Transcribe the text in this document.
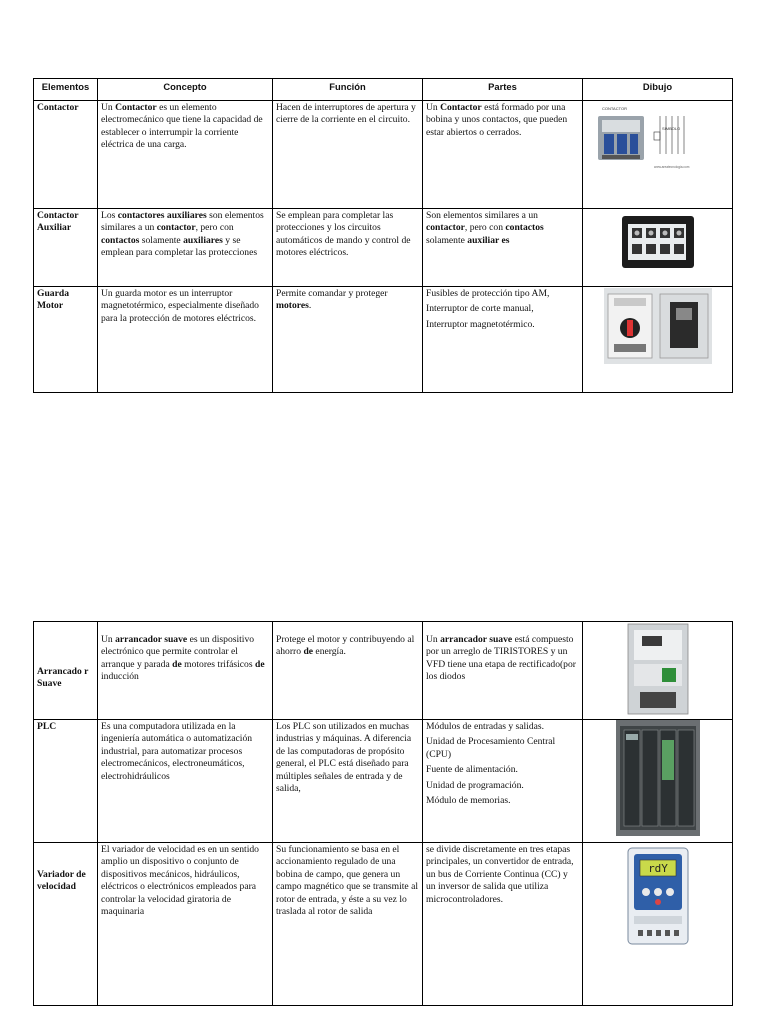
Elementos	Concepto	Función	Partes	Dibujo
Contactor	Un Contactor es un elemento electromecánico que tiene la capacidad de establecer o interrumpir la corriente eléctrica de una carga.	Hacen de interruptores de apertura y cierre de la corriente en el circuito.	Un Contactor está formado por una bobina y unos contactos, que pueden estar abiertos o cerrados.	CONTACTOR
SIMBOLO
www.areatecnologia.com

Contactor Auxiliar	Los contactores auxiliares son elementos similares a un contactor, pero con contactos solamente auxiliares y se emplean para completar las protecciones	Se emplean para completar las protecciones y los circuitos automáticos de mando y control de motores eléctricos.	Son elementos similares a un contactor, pero con contactos solamente auxiliar es	

Guarda Motor	Un guarda motor es un interruptor magnetotérmico, especialmente diseñado para la protección de motores eléctricos.	Permite comandar y proteger motores.	Fusibles de protección tipo AM,
Interruptor de corte manual,
Interruptor magnetotérmico.

Arrancado r Suave	Un arrancador suave es un dispositivo electrónico que permite controlar el arranque y parada de motores trifásicos de inducción	Protege el motor y contribuyendo al ahorro de energía.	Un arrancador suave está compuesto por un arreglo de TIRISTORES y un VFD tiene una etapa de rectificado(por los diodos	

PLC	Es una computadora utilizada en la ingeniería automática o automatización industrial, para automatizar procesos electromecánicos, electroneumáticos, electrohidráulicos	Los PLC son utilizados en muchas industrias y máquinas. A diferencia de las computadoras de propósito general, el PLC está diseñado para múltiples señales de entrada y de salida,	Módulos de entradas y salidas.
Unidad de Procesamiento Central (CPU)
Fuente de alimentación.
Unidad de programación.
Módulo de memorias.

Variador de velocidad	El variador de velocidad es en un sentido amplio un dispositivo o conjunto de dispositivos mecánicos, hidráulicos, eléctricos o electrónicos empleados para controlar la velocidad giratoria de maquinaria	Su funcionamiento se basa en el accionamiento regulado de una bobina de campo, que genera un campo magnético que se transmite al rotor de entrada, y éste a su vez lo traslada al rotor de salida	se divide discretamente en tres etapas principales, un convertidor de entrada, un bus de Corriente Continua (CC) y un inversor de salida que utiliza microcontroladores.	rdY
